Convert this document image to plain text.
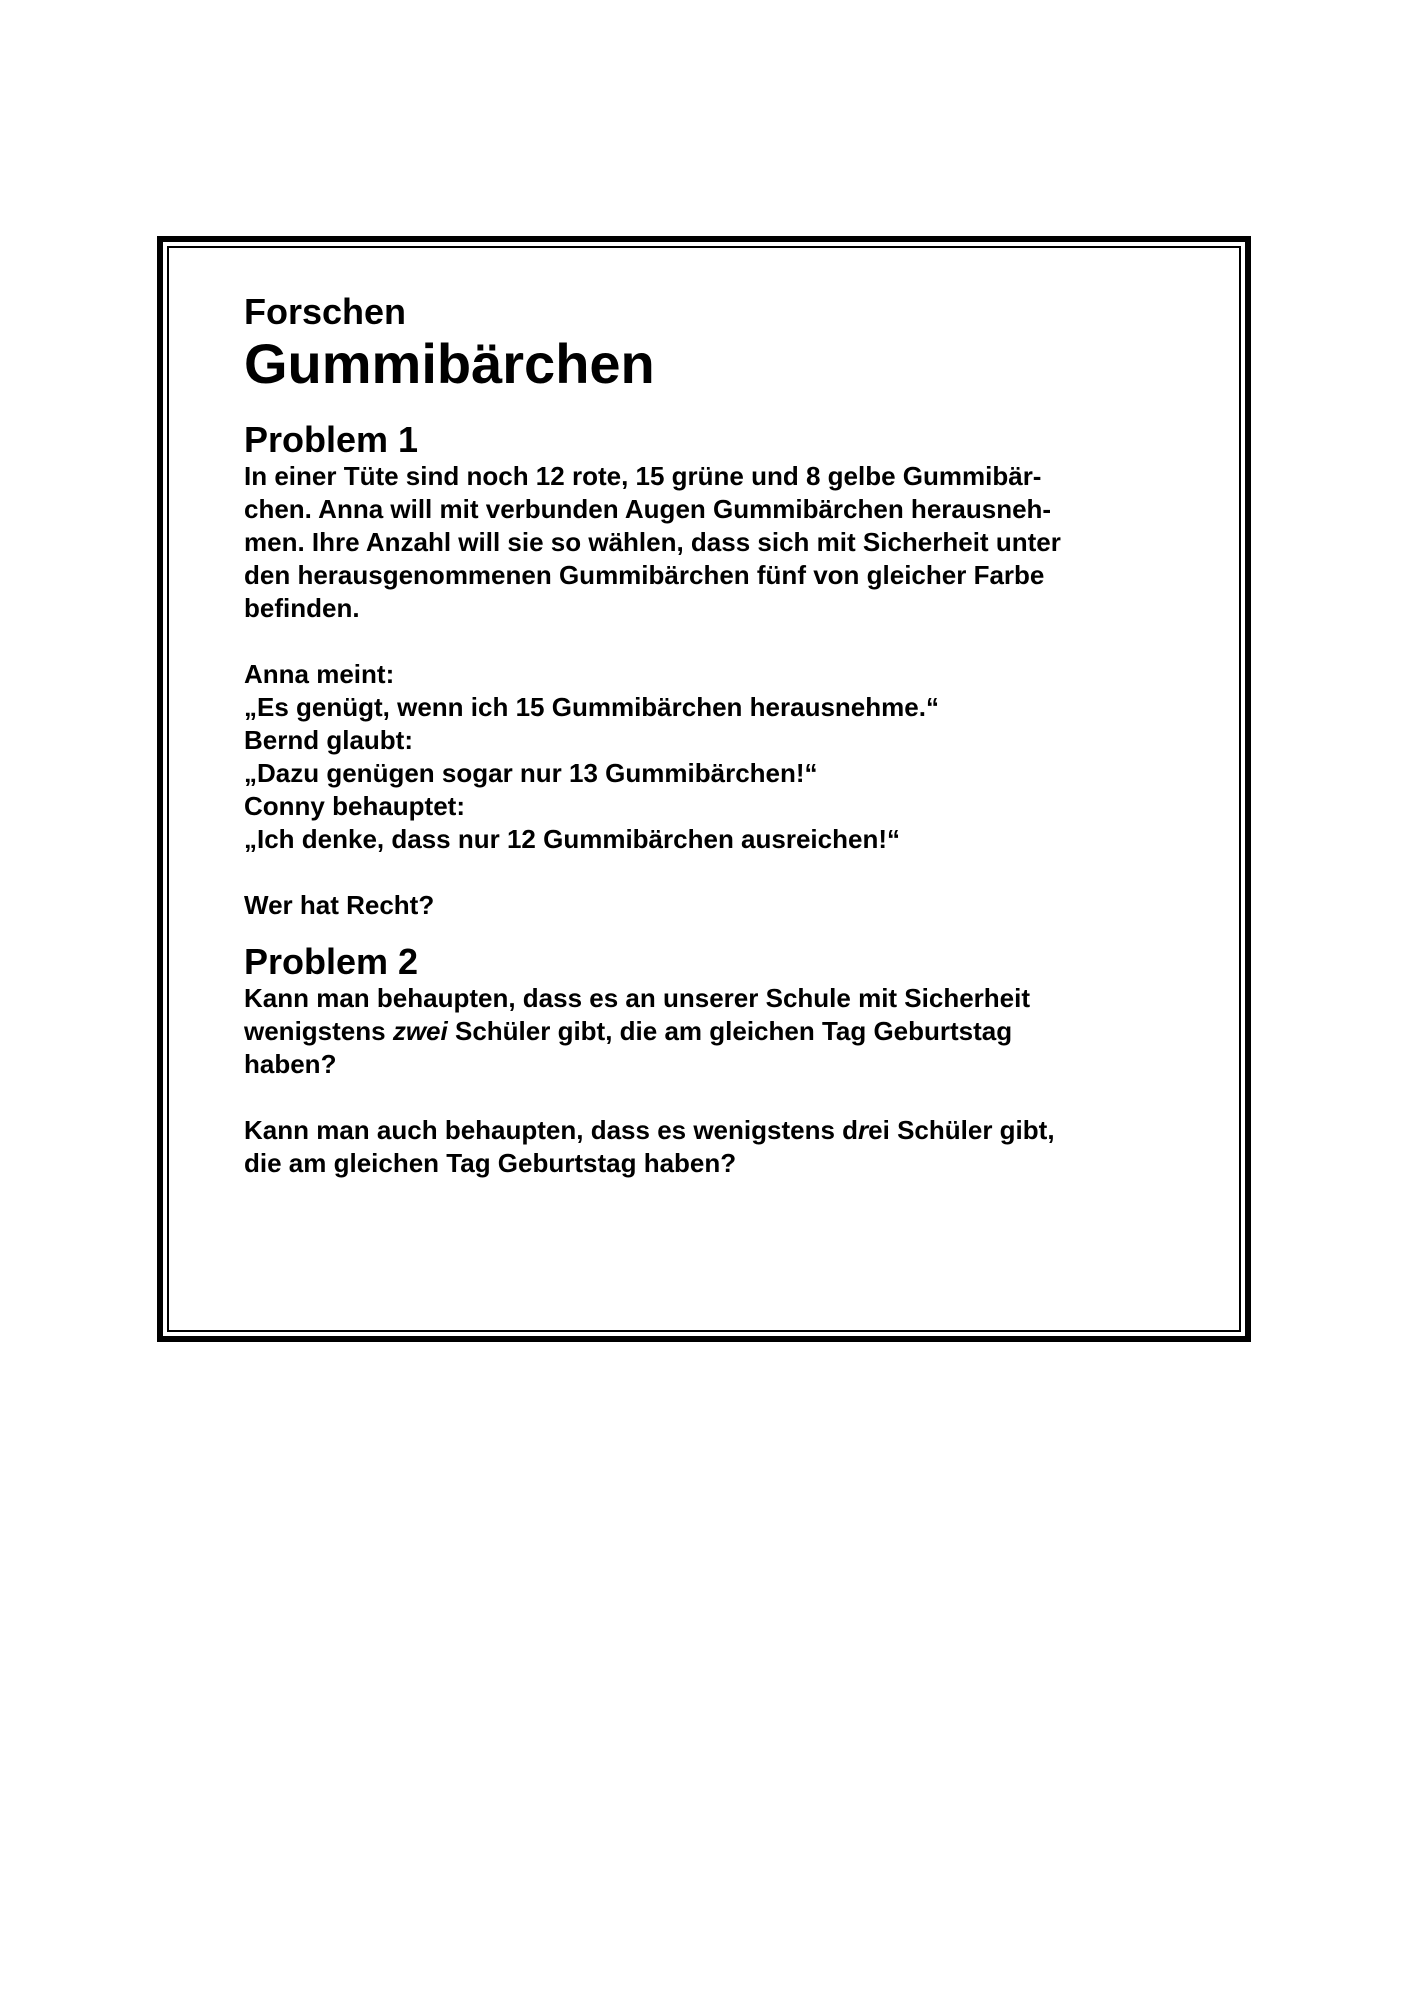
Forschen

Gummibärchen
Problem 1

In einer Tüte sind noch 12 rote, 15 grüne und 8 gelbe Gummibär-

chen. Anna will mit verbunden Augen Gummibärchen herausneh-

men. Ihre Anzahl will sie so wählen, dass sich mit Sicherheit unter

den herausgenommenen Gummibärchen fünf von gleicher Farbe

befinden.

Anna meint:

„Es genügt, wenn ich 15 Gummibärchen herausnehme.“

Bernd glaubt:

„Dazu genügen sogar nur 13 Gummibärchen!“

Conny behauptet:

„Ich denke, dass nur 12 Gummibärchen ausreichen!“

Wer hat Recht?

Problem 2

Kann man behaupten, dass es an unserer Schule mit Sicherheit

wenigstens zwei Schüler gibt, die am gleichen Tag Geburtstag

haben?

Kann man auch behaupten, dass es wenigstens drei Schüler gibt,

die am gleichen Tag Geburtstag haben?
